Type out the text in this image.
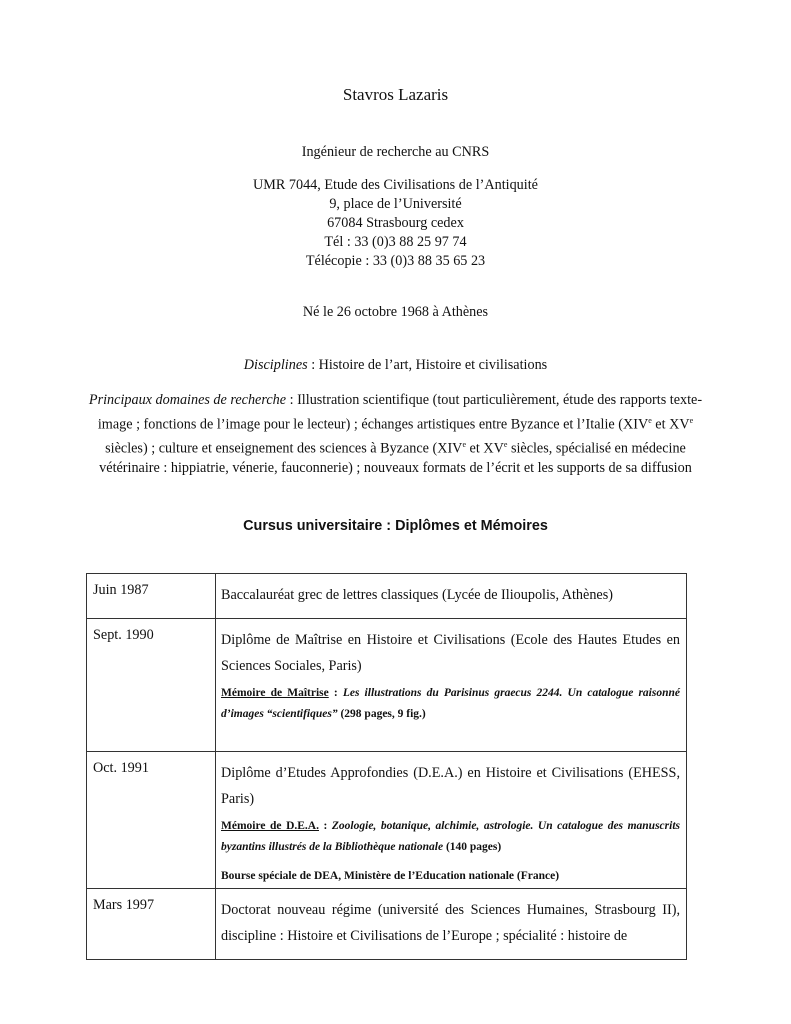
Stavros Lazaris
Ingénieur de recherche au CNRS
UMR 7044, Etude des Civilisations de l’Antiquité
9, place de l’Université
67084 Strasbourg cedex
Tél : 33 (0)3 88 25 97 74
Télécopie : 33 (0)3 88 35 65 23
Né le 26 octobre 1968 à Athènes
Disciplines : Histoire de l’art, Histoire et civilisations
Principaux domaines de recherche : Illustration scientifique (tout particulièrement, étude des rapports texte-image ; fonctions de l’image pour le lecteur) ; échanges artistiques entre Byzance et l’Italie (XIVe et XVe siècles) ; culture et enseignement des sciences à Byzance (XIVe et XVe siècles, spécialisé en médecine vétérinaire : hippiatrie, vénerie, fauconnerie) ; nouveaux formats de l’écrit et les supports de sa diffusion
Cursus universitaire : Diplômes et Mémoires
Juin 1987	Baccalauréat grec de lettres classiques (Lycée de Ilioupolis, Athènes)

Sept. 1990	Diplôme de Maîtrise en Histoire et Civilisations (Ecole des Hautes Etudes en Sciences Sociales, Paris)
Mémoire de Maîtrise : Les illustrations du Parisinus graecus 2244. Un catalogue raisonné d’images “scientifiques” (298 pages, 9 fig.)

Oct. 1991	Diplôme d’Etudes Approfondies (D.E.A.) en Histoire et Civilisations (EHESS, Paris)
Mémoire de D.E.A. : Zoologie, botanique, alchimie, astrologie. Un catalogue des manuscrits byzantins illustrés de la Bibliothèque nationale (140 pages)
Bourse spéciale de DEA, Ministère de l’Education nationale (France)

Mars 1997	Doctorat nouveau régime (université des Sciences Humaines, Strasbourg II), discipline : Histoire et Civilisations de l’Europe ; spécialité : histoire de
